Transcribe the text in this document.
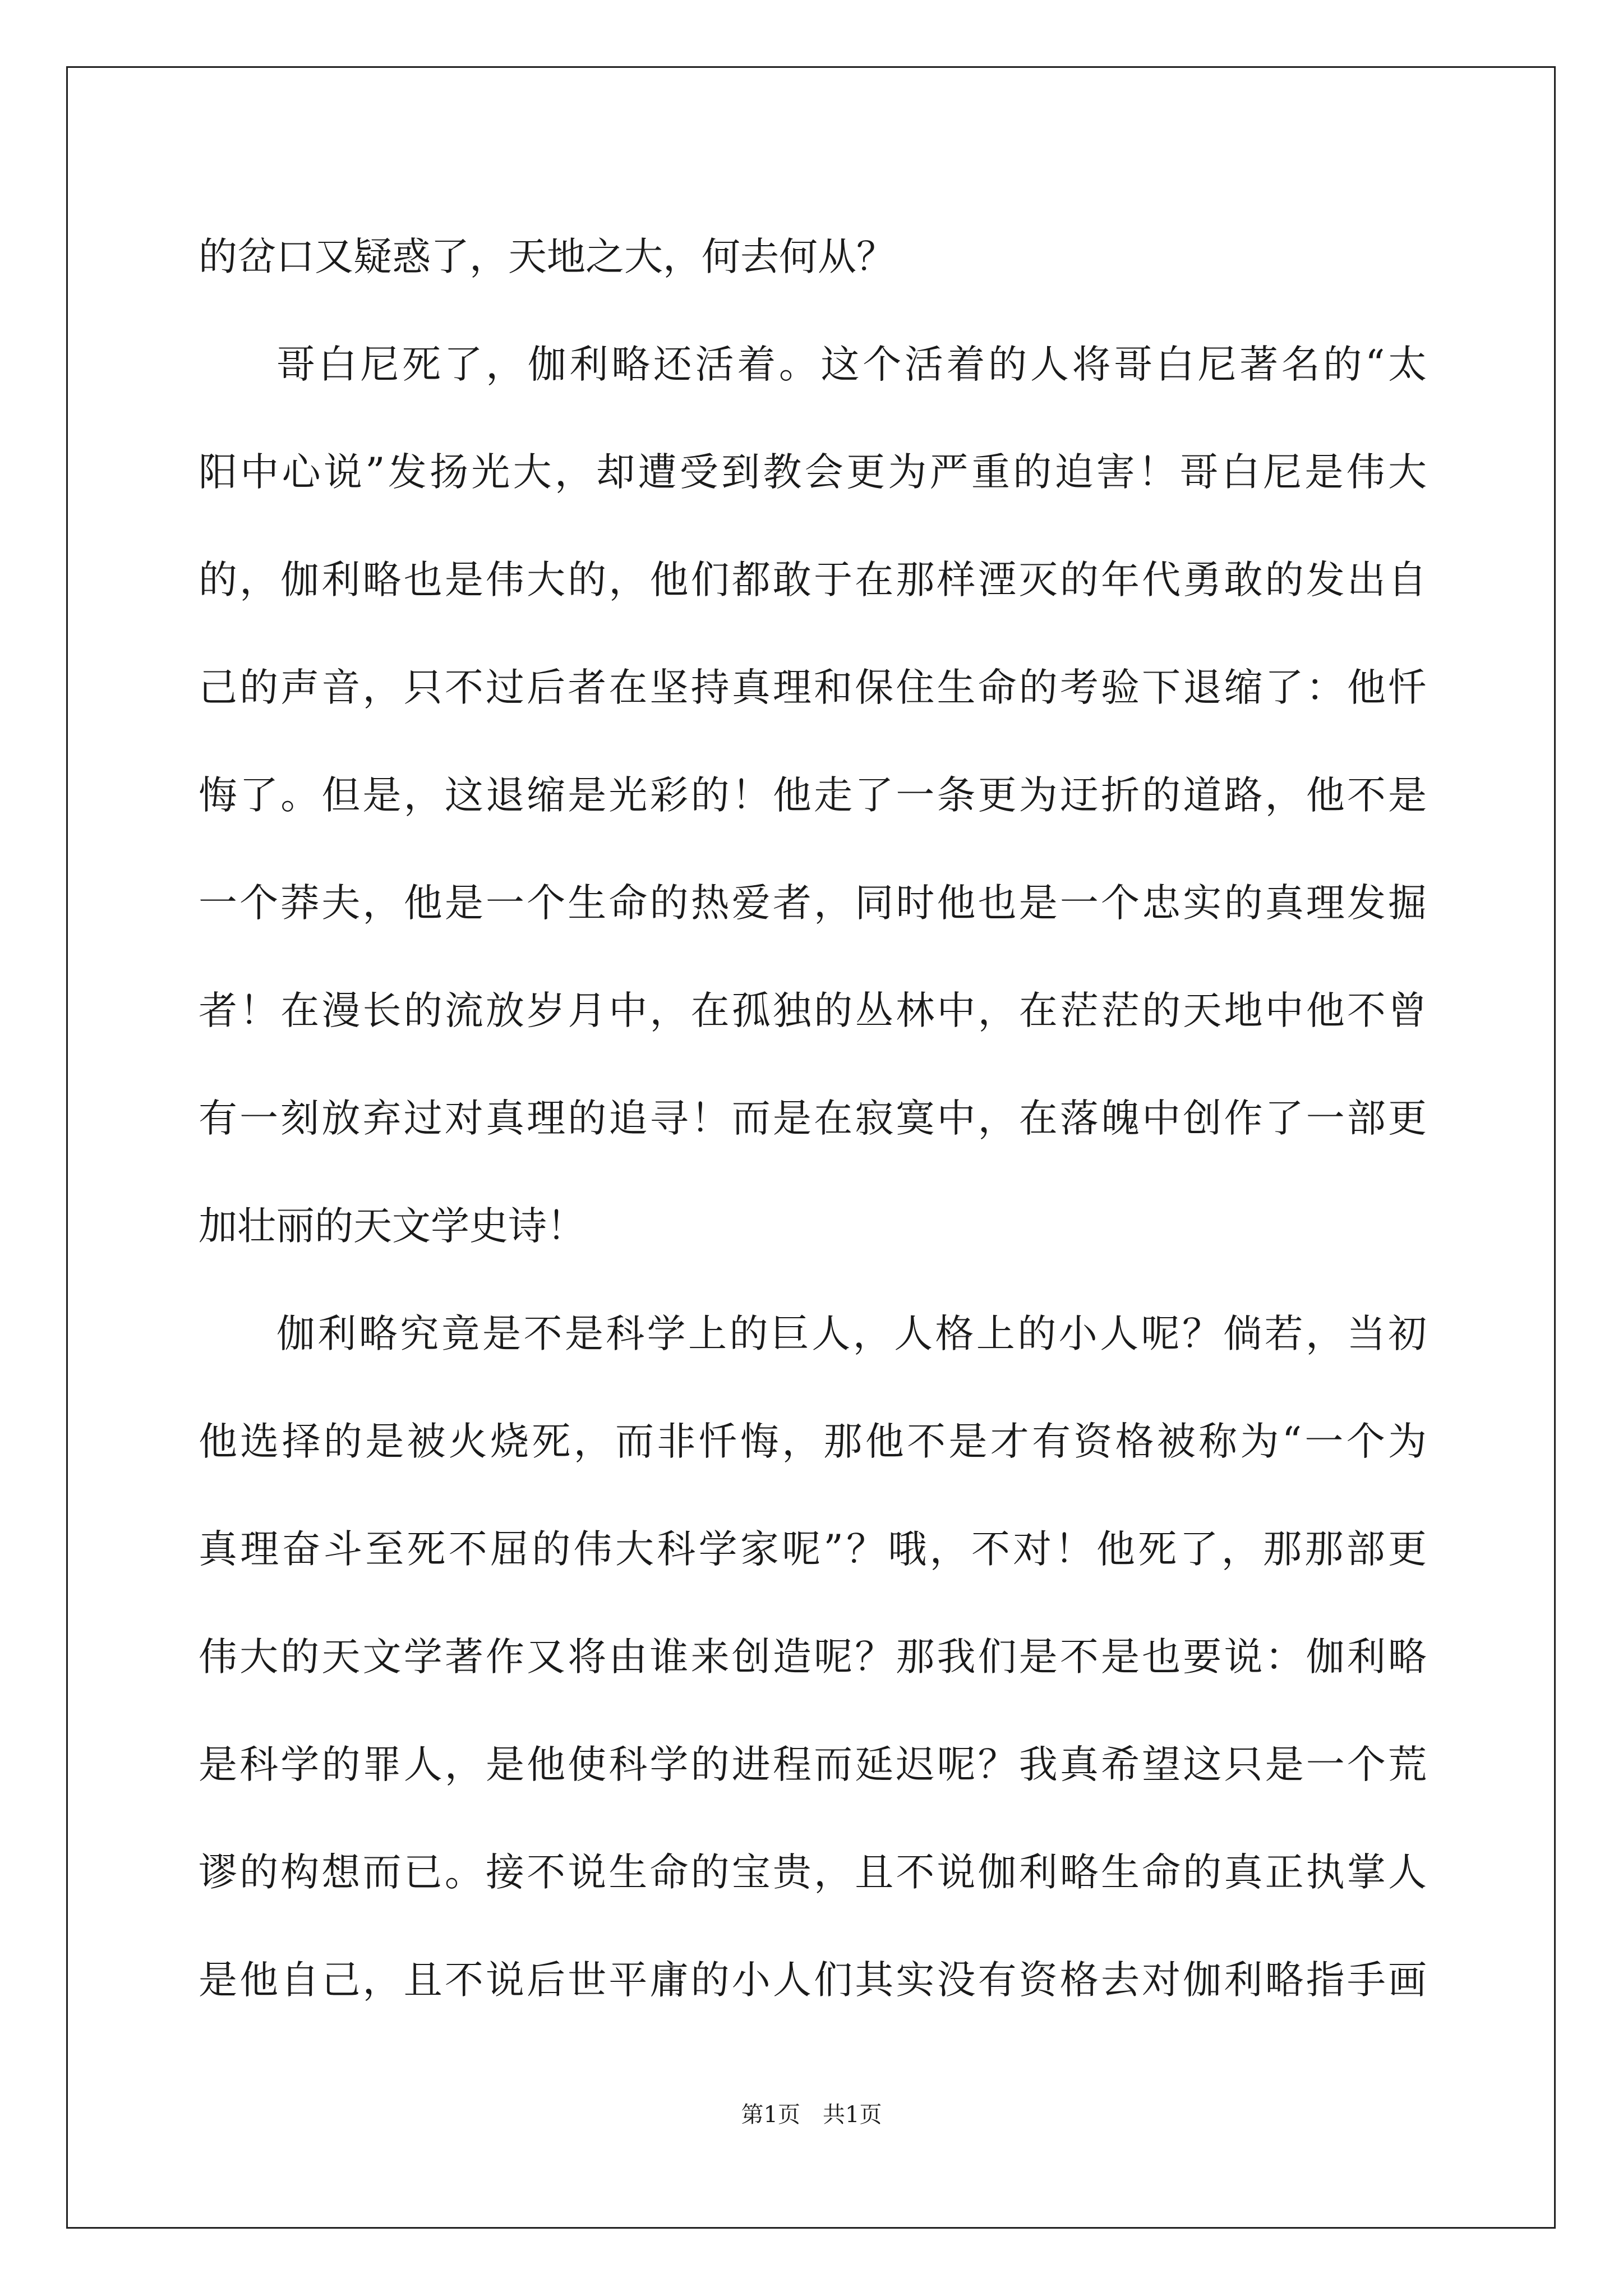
的岔口又疑惑了，天地之大，何去何从？
哥白尼死了，伽利略还活着。这个活着的人将哥白尼著名的“太
阳中心说”发扬光大，却遭受到教会更为严重的迫害！哥白尼是伟大
的，伽利略也是伟大的，他们都敢于在那样湮灭的年代勇敢的发出自
己的声音，只不过后者在坚持真理和保住生命的考验下退缩了：他忏
悔了。但是，这退缩是光彩的！他走了一条更为迂折的道路，他不是
一个莽夫，他是一个生命的热爱者，同时他也是一个忠实的真理发掘
者！在漫长的流放岁月中，在孤独的丛林中，在茫茫的天地中他不曾
有一刻放弃过对真理的追寻！而是在寂寞中，在落魄中创作了一部更
加壮丽的天文学史诗！
伽利略究竟是不是科学上的巨人，人格上的小人呢？倘若，当初
他选择的是被火烧死，而非忏悔，那他不是才有资格被称为“一个为
真理奋斗至死不屈的伟大科学家呢”？哦，不对！他死了，那那部更
伟大的天文学著作又将由谁来创造呢？那我们是不是也要说：伽利略
是科学的罪人，是他使科学的进程而延迟呢？我真希望这只是一个荒
谬的构想而已。接不说生命的宝贵，且不说伽利略生命的真正执掌人
是他自己，且不说后世平庸的小人们其实没有资格去对伽利略指手画
第1页　共1页
